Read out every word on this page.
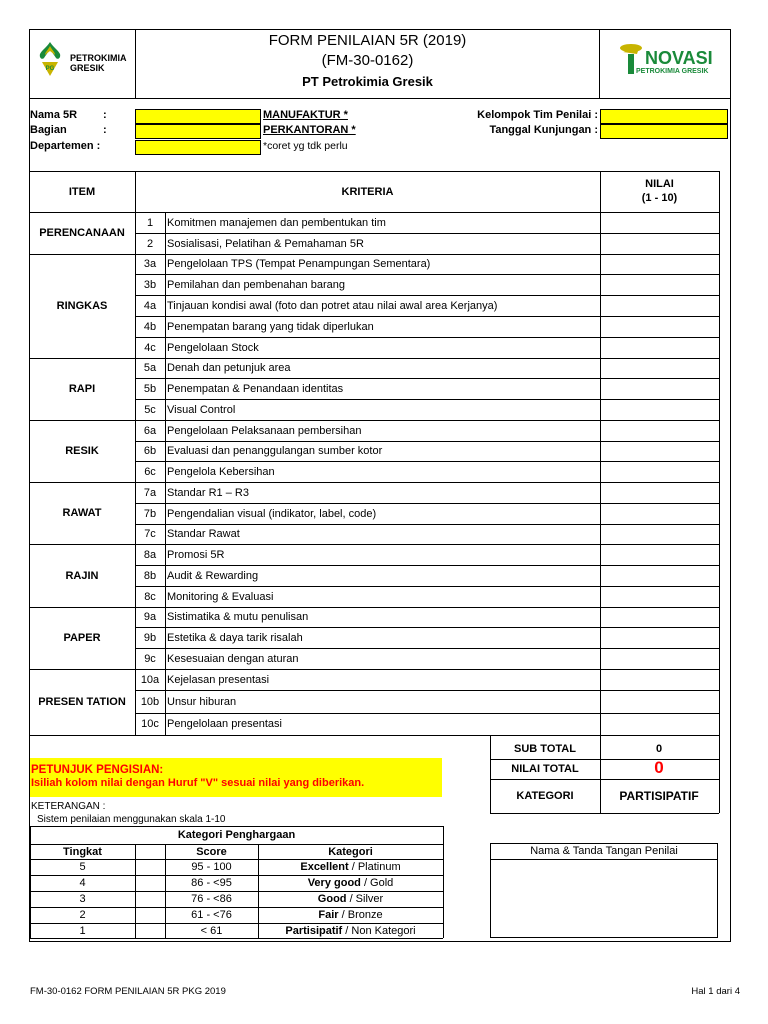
PG
PETROKIMIA
GRESIK
FORM PENILAIAN 5R (2019)
(FM-30-0162)
PT Petrokimia Gresik
NOVASI
PETROKIMIA GRESIK
Nama 5R :
Bagian	:
Departemen :
MANUFAKTUR *
PERKANTORAN *
*coret yg tdk perlu
Kelompok Tim Penilai :
Tanggal Kunjungan :
ITEM	KRITERIA
NILAI
(1 - 10)
PERENCANAAN
1	Komitmen manajemen dan pembentukan tim
2	Sosialisasi, Pelatihan & Pemahaman 5R
RINGKAS
3a Pengelolaan TPS (Tempat Penampungan Sementara)
3b Pemilahan dan pembenahan barang
4a Tinjauan kondisi awal (foto dan potret atau nilai awal area Kerjanya)
4b Penempatan barang yang tidak diperlukan
4c	Pengelolaan Stock
RAPI
5a Denah dan petunjuk area
5b Penempatan & Penandaan identitas
5c	Visual Control
RESIK
6a Pengelolaan Pelaksanaan pembersihan
6b Evaluasi dan penanggulangan sumber kotor
6c	Pengelola Kebersihan
RAWAT
7a Standar R1 – R3
7b Pengendalian visual (indikator, label, code)
7c	Standar Rawat
RAJIN
8a Promosi 5R
8b Audit & Rewarding
8c	Monitoring & Evaluasi
PAPER
9a Sistimatika & mutu penulisan
9b Estetika & daya tarik risalah
9c	Kesesuaian dengan aturan
PRESEN TATION
10a Kejelasan presentasi
10b Unsur hiburan
10c Pengelolaan presentasi
SUB TOTAL	0
NILAI TOTAL	0
KATEGORI	PARTISIPATIF
PETUNJUK PENGISIAN:
Isiliah kolom nilai dengan Huruf "V" sesuai nilai yang diberikan.
KETERANGAN :
Sistem penilaian menggunakan skala 1-10
Kategori Penghargaan
Tingkat	Score	Kategori
5	95 - 100	Excellent / Platinum
4	86 - <95	Very good / Gold
3	76 - <86	Good / Silver
2	61 - <76	Fair / Bronze
1	< 61	Partisipatif / Non Kategori
Nama & Tanda Tangan Penilai
FM-30-0162 FORM PENILAIAN 5R PKG 2019	Hal 1 dari 4
